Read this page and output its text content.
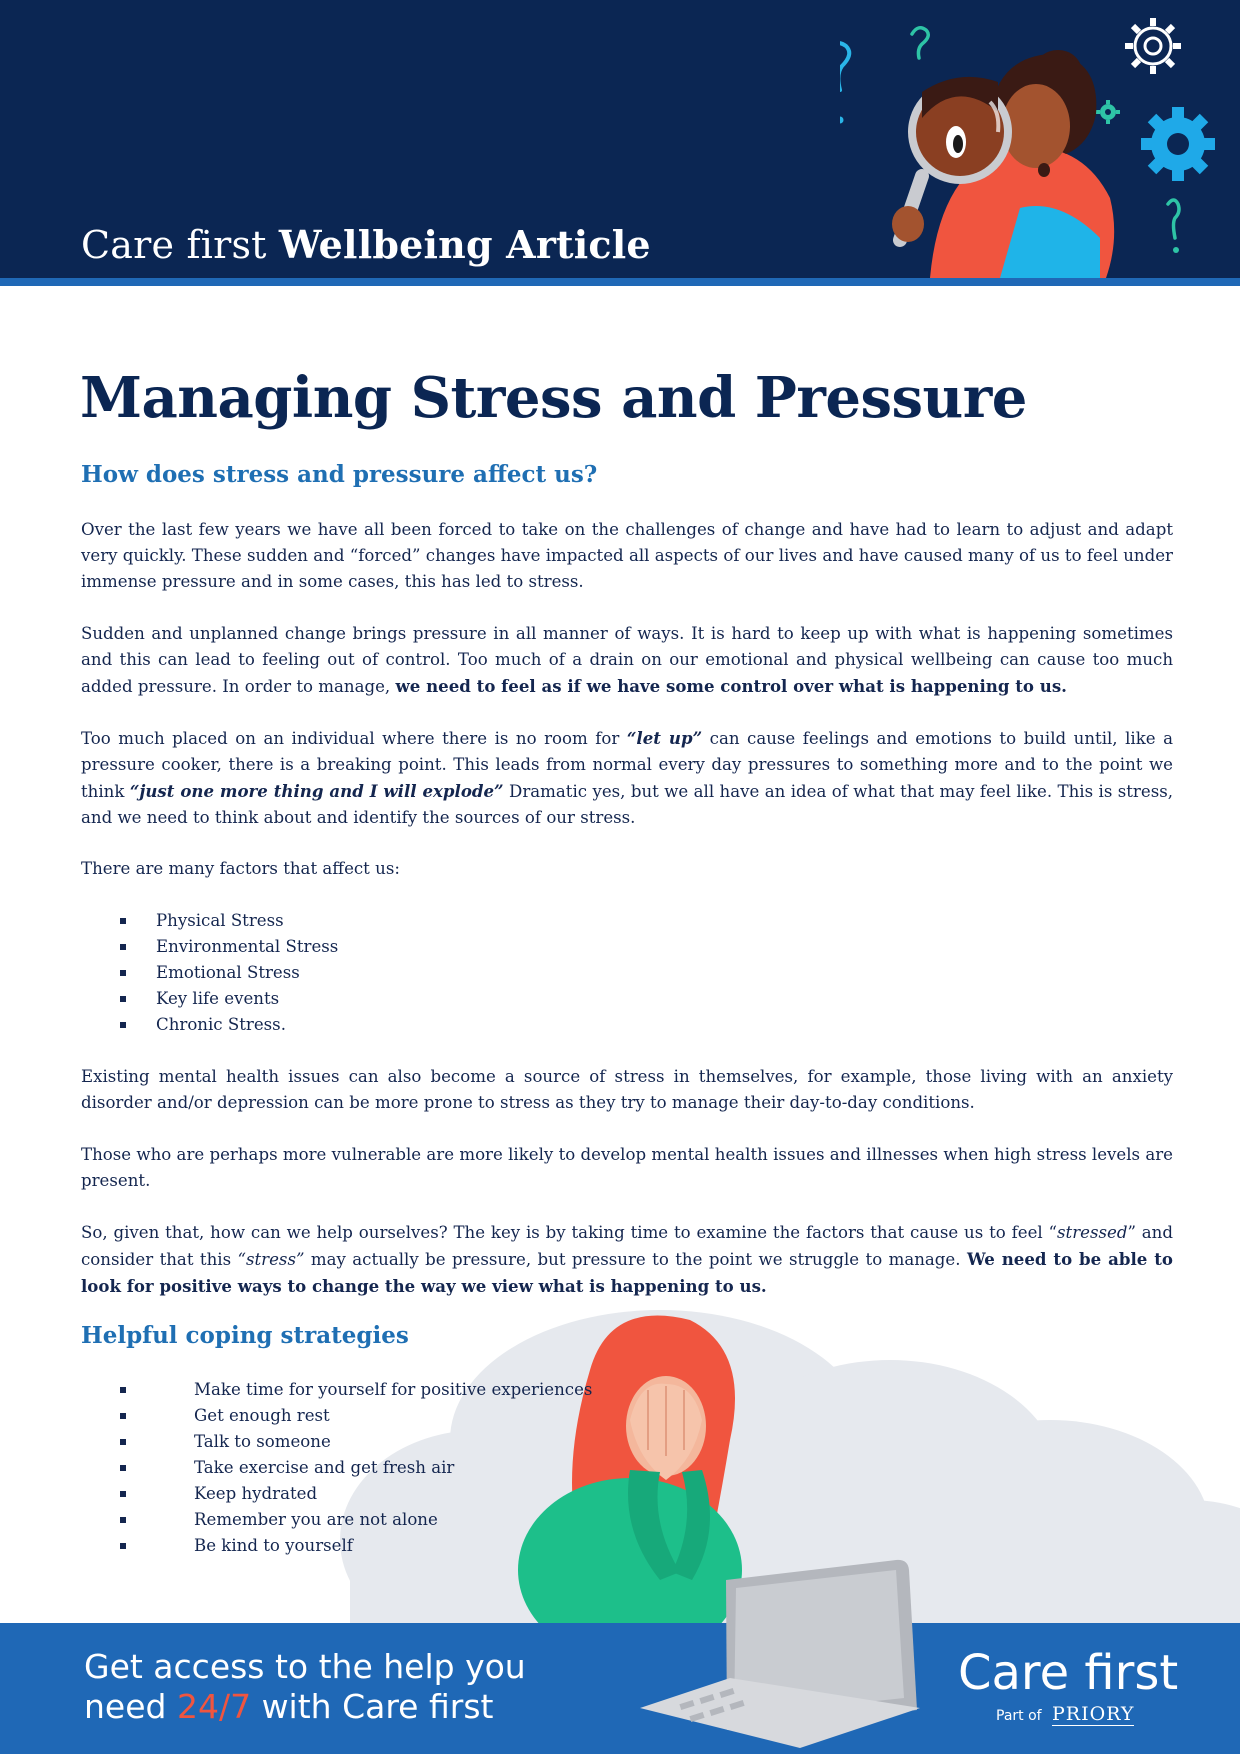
Care first Wellbeing Article
Managing Stress and Pressure
How does stress and pressure affect us?

Over the last few years we have all been forced to take on the challenges of change and have had to learn to adjust and adapt very quickly. These sudden and “forced” changes have impacted all aspects of our lives and have caused many of us to feel under immense pressure and in some cases, this has led to stress.

Sudden and unplanned change brings pressure in all manner of ways. It is hard to keep up with what is happening sometimes and this can lead to feeling out of control. Too much of a drain on our emotional and physical wellbeing can cause too much added pressure. In order to manage, we need to feel as if we have some control over what is happening to us.

Too much placed on an individual where there is no room for “let up” can cause feelings and emotions to build until, like a pressure cooker, there is a breaking point. This leads from normal every day pressures to something more and to the point we think “just one more thing and I will explode” Dramatic yes, but we all have an idea of what that may feel like. This is stress, and we need to think about and identify the sources of our stress.

There are many factors that affect us:

Physical Stress
Environmental Stress
Emotional Stress
Key life events
Chronic Stress.

Existing mental health issues can also become a source of stress in themselves, for example, those living with an anxiety disorder and/or depression can be more prone to stress as they try to manage their day-to-day conditions.

Those who are perhaps more vulnerable are more likely to develop mental health issues and illnesses when high stress levels are present.

So, given that, how can we help ourselves? The key is by taking time to examine the factors that cause us to feel “stressed” and consider that this “stress” may actually be pressure, but pressure to the point we struggle to manage. We need to be able to look for positive ways to change the way we view what is happening to us.

Helpful coping strategies
Make time for yourself for positive experiences
Get enough rest
Talk to someone
Take exercise and get fresh air
Keep hydrated
Remember you are not alone
Be kind to yourself
Get access to the help you
need 24/7 with Care first
Care first
Part of PRIORY
